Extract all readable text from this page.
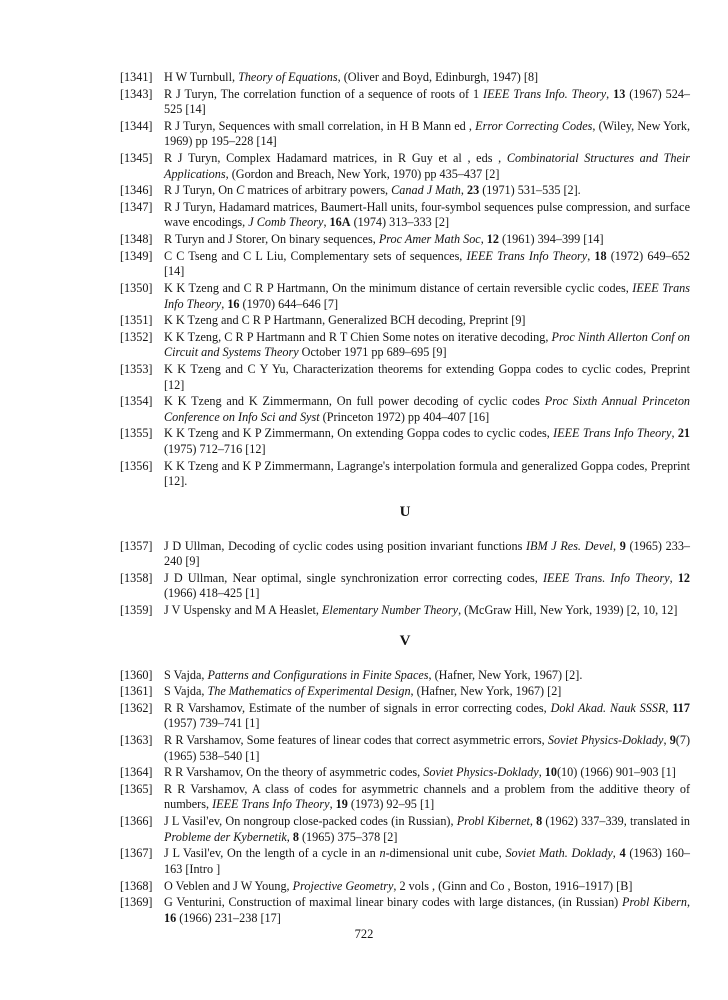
[1341] H W Turnbull, Theory of Equations, (Oliver and Boyd, Edinburgh, 1947) [8]
[1343] R J Turyn, The correlation function of a sequence of roots of 1 IEEE Trans Info. Theory, 13 (1967) 524–525 [14]
[1344] R J Turyn, Sequences with small correlation, in H B Mann ed , Error Correcting Codes, (Wiley, New York, 1969) pp 195–228 [14]
[1345] R J Turyn, Complex Hadamard matrices, in R Guy et al , eds , Combinatorial Structures and Their Applications, (Gordon and Breach, New York, 1970) pp 435–437 [2]
[1346] R J Turyn, On C matrices of arbitrary powers, Canad J Math, 23 (1971) 531–535 [2].
[1347] R J Turyn, Hadamard matrices, Baumert-Hall units, four-symbol sequences pulse compression, and surface wave encodings, J Comb Theory, 16A (1974) 313–333 [2]
[1348] R Turyn and J Storer, On binary sequences, Proc Amer Math Soc, 12 (1961) 394–399 [14]
[1349] C C Tseng and C L Liu, Complementary sets of sequences, IEEE Trans Info Theory, 18 (1972) 649–652 [14]
[1350] K K Tzeng and C R P Hartmann, On the minimum distance of certain reversible cyclic codes, IEEE Trans Info Theory, 16 (1970) 644–646 [7]
[1351] K K Tzeng and C R P Hartmann, Generalized BCH decoding, Preprint [9]
[1352] K K Tzeng, C R P Hartmann and R T Chien Some notes on iterative decoding, Proc Ninth Allerton Conf on Circuit and Systems Theory October 1971 pp 689–695 [9]
[1353] K K Tzeng and C Y Yu, Characterization theorems for extending Goppa codes to cyclic codes, Preprint [12]
[1354] K K Tzeng and K Zimmermann, On full power decoding of cyclic codes Proc Sixth Annual Princeton Conference on Info Sci and Syst (Princeton 1972) pp 404–407 [16]
[1355] K K Tzeng and K P Zimmermann, On extending Goppa codes to cyclic codes, IEEE Trans Info Theory, 21 (1975) 712–716 [12]
[1356] K K Tzeng and K P Zimmermann, Lagrange's interpolation formula and generalized Goppa codes, Preprint [12].
U
[1357] J D Ullman, Decoding of cyclic codes using position invariant functions IBM J Res. Devel, 9 (1965) 233–240 [9]
[1358] J D Ullman, Near optimal, single synchronization error correcting codes, IEEE Trans. Info Theory, 12 (1966) 418–425 [1]
[1359] J V Uspensky and M A Heaslet, Elementary Number Theory, (McGraw Hill, New York, 1939) [2, 10, 12]
V
[1360] S Vajda, Patterns and Configurations in Finite Spaces, (Hafner, New York, 1967) [2].
[1361] S Vajda, The Mathematics of Experimental Design, (Hafner, New York, 1967) [2]
[1362] R R Varshamov, Estimate of the number of signals in error correcting codes, Dokl Akad. Nauk SSSR, 117 (1957) 739–741 [1]
[1363] R R Varshamov, Some features of linear codes that correct asymmetric errors, Soviet Physics-Doklady, 9(7) (1965) 538–540 [1]
[1364] R R Varshamov, On the theory of asymmetric codes, Soviet Physics-Doklady, 10(10) (1966) 901–903 [1]
[1365] R R Varshamov, A class of codes for asymmetric channels and a problem from the additive theory of numbers, IEEE Trans Info Theory, 19 (1973) 92–95 [1]
[1366] J L Vasil'ev, On nongroup close-packed codes (in Russian), Probl Kibernet, 8 (1962) 337–339, translated in Probleme der Kybernetik, 8 (1965) 375–378 [2]
[1367] J L Vasil'ev, On the length of a cycle in an n-dimensional unit cube, Soviet Math. Doklady, 4 (1963) 160–163 [Intro ]
[1368] O Veblen and J W Young, Projective Geometry, 2 vols , (Ginn and Co , Boston, 1916–1917) [B]
[1369] G Venturini, Construction of maximal linear binary codes with large distances, (in Russian) Probl Kibern, 16 (1966) 231–238 [17]
722
